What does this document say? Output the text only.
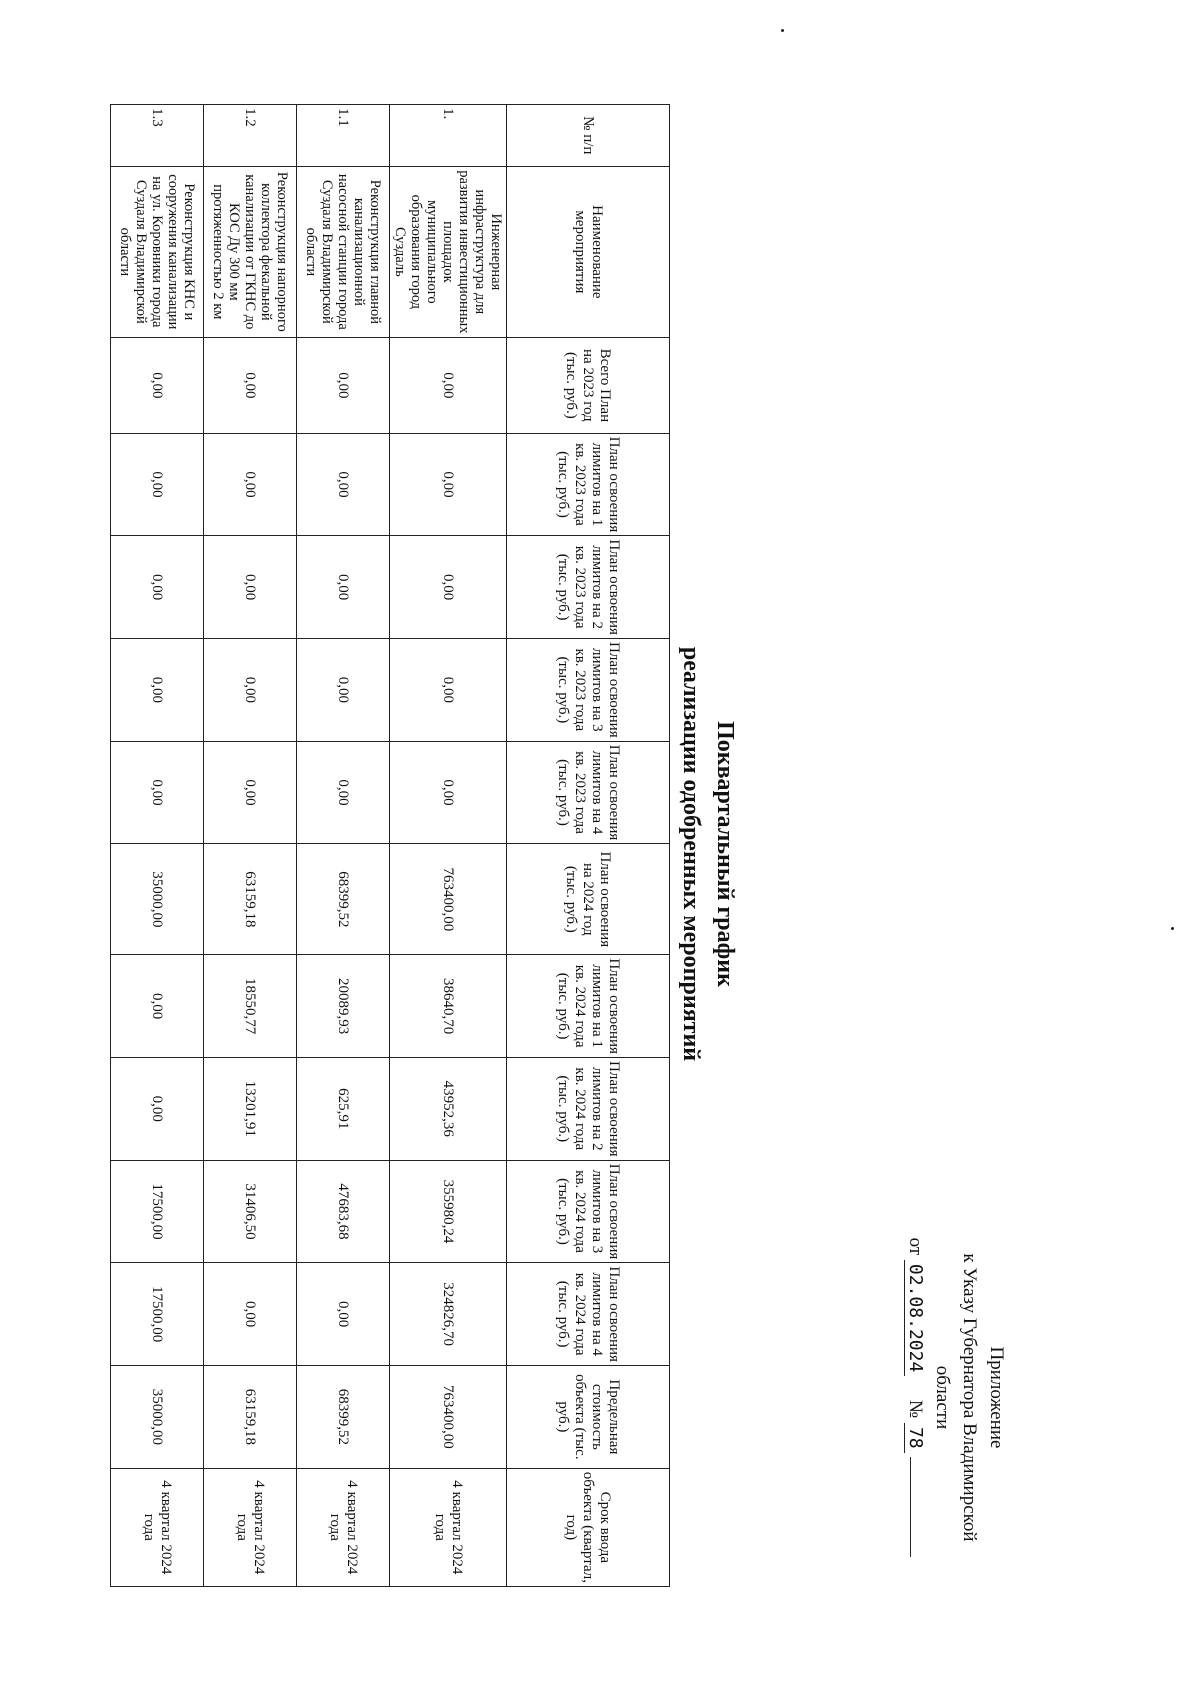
Приложение
к Указу Губернатора Владимирской области
от 02.08.2024     № 78
Поквартальный график
реализации одобренных мероприятий
№ п/п	Наименование мероприятия	Всего План на 2023 год (тыс. руб.)	План освоения лимитов на 1 кв. 2023 года (тыс. руб.)	План освоения лимитов на 2 кв. 2023 года (тыс. руб.)	План освоения лимитов на 3 кв. 2023 года (тыс. руб.)	План освоения лимитов на 4 кв. 2023 года (тыс. руб.)	План освоения на 2024 год (тыс. руб.)	План освоения лимитов на 1 кв. 2024 года (тыс. руб.)	План освоения лимитов на 2 кв. 2024 года (тыс. руб.)	План освоения лимитов на 3 кв. 2024 года (тыс. руб.)	План освоения лимитов на 4 кв. 2024 года (тыс. руб.)	Предельная стоимость объекта (тыс. руб.)	Срок ввода объекта (квартал, год)
1.	Инженерная инфраструктура для развития инвестиционных площадок муниципального образования город Суздаль	0,00	0,00	0,00	0,00	0,00	763400,00	38640,70	43952,36	355980,24	324826,70	763400,00	4 квартал 2024 года
1.1	Реконструкция главной канализационной насосной станции города Суздаля Владимирской области	0,00	0,00	0,00	0,00	0,00	68399,52	20089,93	625,91	47683,68	0,00	68399,52	4 квартал 2024 года
1.2	Реконструкция напорного коллектора фекальной канализации от ГКНС до КОС Ду 300 мм протяженностью 2 км	0,00	0,00	0,00	0,00	0,00	63159,18	18550,77	13201,91	31406,50	0,00	63159,18	4 квартал 2024 года
1.3	Реконструкция КНС и сооружения канализации на ул. Коровники города Суздаля Владимирской области	0,00	0,00	0,00	0,00	0,00	35000,00	0,00	0,00	17500,00	17500,00	35000,00	4 квартал 2024 года
